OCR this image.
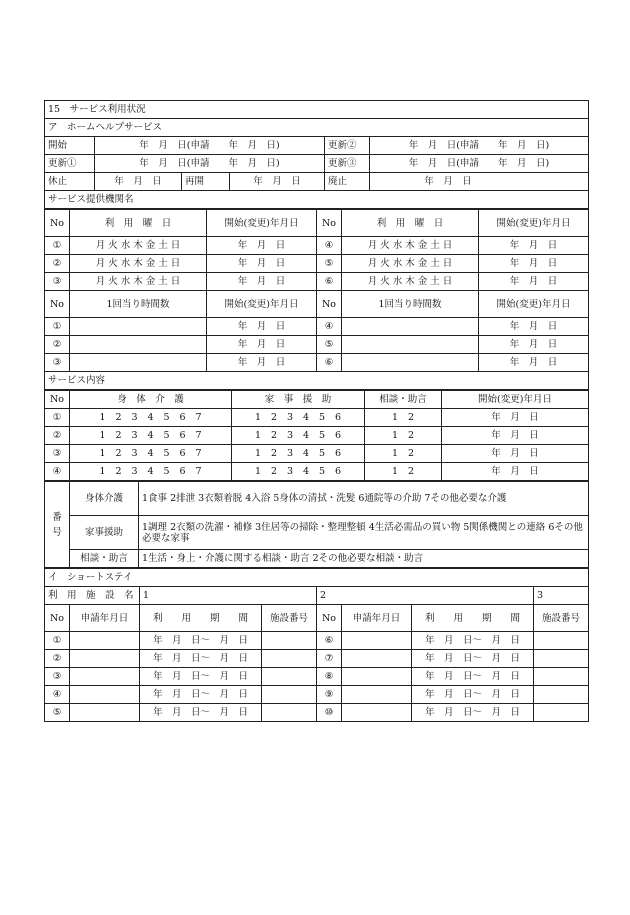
15　サービス利用状況					
ア　ホームヘルプサービス					
開始	年　月　日(申請　　年　月　日)			更新②	年　月　日(申請　　年　月　日)
更新①	年　月　日(申請　　年　月　日)			更新③	年　月　日(申請　　年　月　日)
休止	年　月　日	再開	年　月　日	廃止	年　月　日
サービス提供機関名					
No	利　用　曜　日	開始(変更)年月日	No	利　用　曜　日	開始(変更)年月日
①	月 火 水 木 金 土 日	年　月　日	④	月 火 水 木 金 土 日	年　月　日
②	月 火 水 木 金 土 日	年　月　日	⑤	月 火 水 木 金 土 日	年　月　日
③	月 火 水 木 金 土 日	年　月　日	⑥	月 火 水 木 金 土 日	年　月　日
No	1回当り時間数	開始(変更)年月日	No	1回当り時間数	開始(変更)年月日
①		年　月　日	④		年　月　日
②		年　月　日	⑤		年　月　日
③		年　月　日	⑥		年　月　日
サービス内容					
No	身　体　介　護	家　事　援　助	相談・助言	開始(変更)年月日
①	1 2 3 4 5 6 7	1 2 3 4 5 6	1 2	年　月　日
②	1 2 3 4 5 6 7	1 2 3 4 5 6	1 2	年　月　日
③	1 2 3 4 5 6 7	1 2 3 4 5 6	1 2	年　月　日
④	1 2 3 4 5 6 7	1 2 3 4 5 6	1 2	年　月　日
番号	身体介護	1食事 2排泄 3衣類着脱 4入浴 5身体の清拭・洗髪 6通院等の介助 7その他必要な介護
	家事援助	1調理 2衣類の洗濯・補修 3住居等の掃除・整理整頓 4生活必需品の買い物 5関係機関との連絡 6その他必要な家事
	相談・助言	1生活・身上・介護に関する相談・助言 2その他必要な相談・助言
イ　ショートステイ							
利　用　施　設　名		1		2			3

No	申請年月日	利　　用　　期　　間	施設番号	No	申請年月日	利　　用　　期　　間	施設番号
①		年　月　日～　月　日		⑥		年　月　日～　月　日	
②		年　月　日～　月　日		⑦		年　月　日～　月　日	
③		年　月　日～　月　日		⑧		年　月　日～　月　日	
④		年　月　日～　月　日		⑨		年　月　日～　月　日	
⑤		年　月　日～　月　日		⑩		年　月　日～　月　日	
